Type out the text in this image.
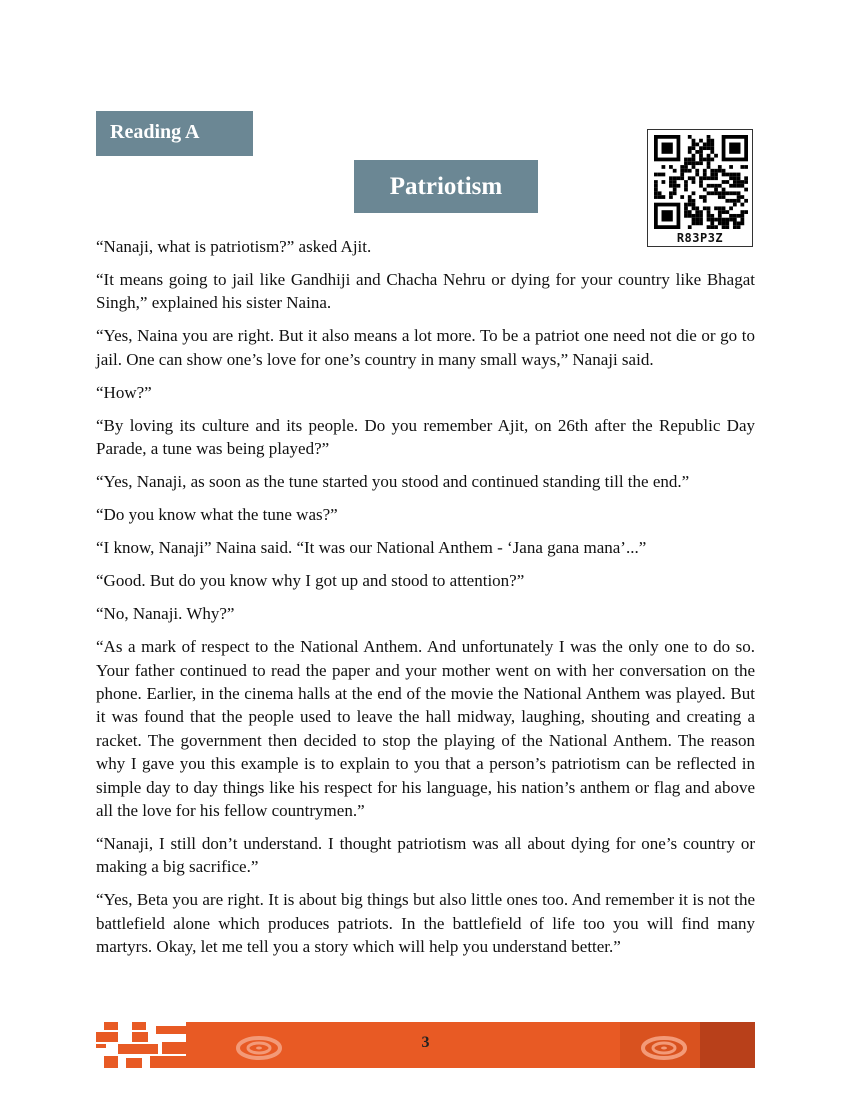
Reading A
Patriotism
R83P3Z

“Nanaji, what is patriotism?” asked Ajit.

“It means going to jail like Gandhiji and Chacha Nehru or dying for your country like Bhagat Singh,” explained his sister Naina.

“Yes, Naina you are right. But it also means a lot more. To be a patriot one need not die or go to jail. One can show one’s love for one’s country in many small ways,” Nanaji said.

“How?”

“By loving its culture and its people. Do you remember Ajit, on 26th after the Republic Day Parade, a tune was being played?”

“Yes, Nanaji, as soon as the tune started you stood and continued standing till the end.”

“Do you know what the tune was?”

“I know, Nanaji” Naina said. “It was our National Anthem - ‘Jana gana mana’...”

“Good. But do you know why I got up and stood to attention?”

“No, Nanaji. Why?”

“As a mark of respect to the National Anthem. And unfortunately I was the only one to do so. Your father continued to read the paper and your mother went on with her conversation on the phone. Earlier, in the cinema halls at the end of the movie the National Anthem was played. But it was found that the people used to leave the hall midway, laughing, shouting and creating a racket. The government then decided to stop the playing of the National Anthem. The reason why I gave you this example is to explain to you that a person’s patriotism can be reflected in simple day to day things like his respect for his language, his nation’s anthem or flag and above all the love for his fellow countrymen.”

“Nanaji, I still don’t understand. I thought patriotism was all about dying for one’s country or making a big sacrifice.”

“Yes, Beta you are right. It is about big things but also little ones too. And remember it is not the battlefield alone which produces patriots. In the battlefield of life too you will find many martyrs. Okay, let me tell you a story which will help you understand better.”

3
